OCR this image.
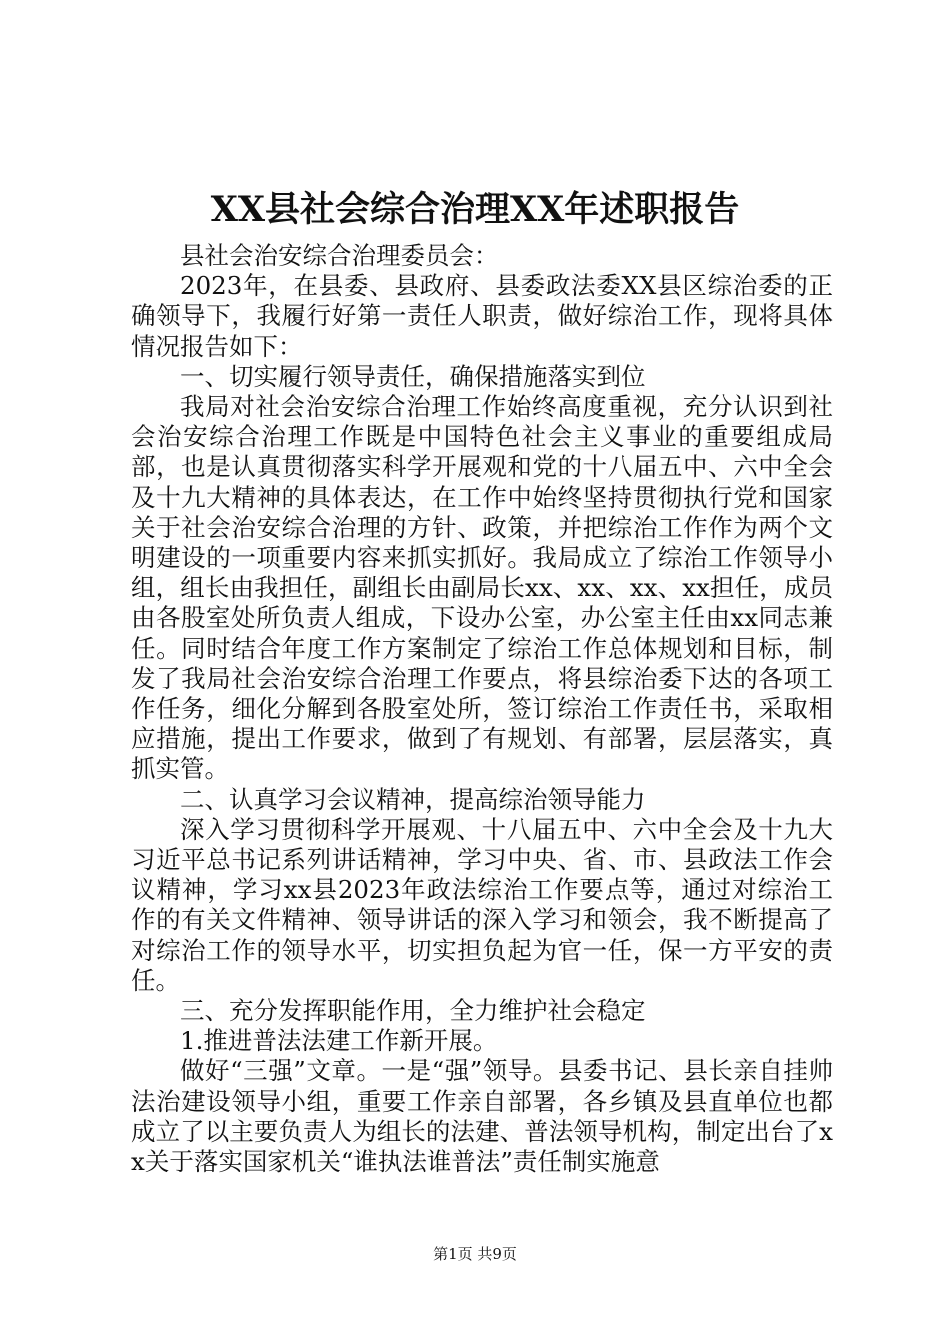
XX县社会综合治理XX年述职报告

县社会治安综合治理委员会：

2023年，在县委、县政府、县委政法委XX县区综治委的正确领导下，我履行好第一责任人职责，做好综治工作，现将具体情况报告如下：

一、切实履行领导责任，确保措施落实到位

我局对社会治安综合治理工作始终高度重视，充分认识到社会治安综合治理工作既是中国特色社会主义事业的重要组成局部，也是认真贯彻落实科学开展观和党的十八届五中、六中全会及十九大精神的具体表达，在工作中始终坚持贯彻执行党和国家关于社会治安综合治理的方针、政策，并把综治工作作为两个文明建设的一项重要内容来抓实抓好。我局成立了综治工作领导小组，组长由我担任，副组长由副局长xx、xx、xx、xx担任，成员由各股室处所负责人组成，下设办公室，办公室主任由xx同志兼任。同时结合年度工作方案制定了综治工作总体规划和目标，制发了我局社会治安综合治理工作要点，将县综治委下达的各项工作任务，细化分解到各股室处所，签订综治工作责任书，采取相应措施，提出工作要求，做到了有规划、有部署，层层落实，真抓实管。

二、认真学习会议精神，提高综治领导能力

深入学习贯彻科学开展观、十八届五中、六中全会及十九大习近平总书记系列讲话精神，学习中央、省、市、县政法工作会议精神，学习xx县2023年政法综治工作要点等，通过对综治工作的有关文件精神、领导讲话的深入学习和领会，我不断提高了对综治工作的领导水平，切实担负起为官一任，保一方平安的责任。

三、充分发挥职能作用，全力维护社会稳定

1.推进普法法建工作新开展。

做好“三强”文章。一是“强”领导。县委书记、县长亲自挂帅法治建设领导小组，重要工作亲自部署，各乡镇及县直单位也都成立了以主要负责人为组长的法建、普法领导机构，制定出台了xx关于落实国家机关“谁执法谁普法”责任制实施意

第1页 共9页
